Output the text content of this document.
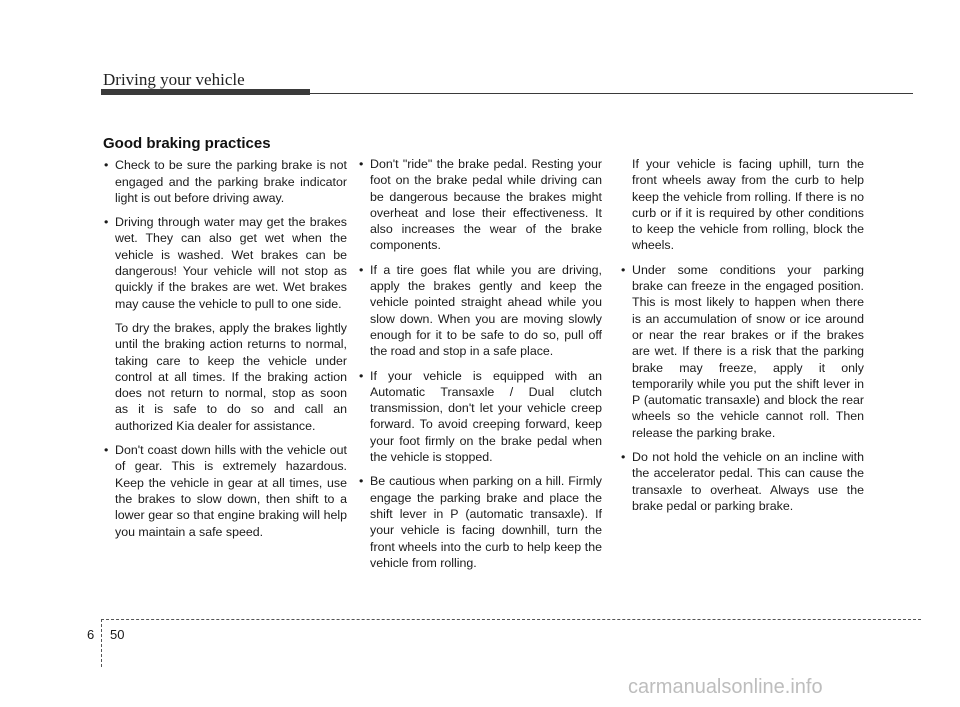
Driving your vehicle
Good braking practices
• Check to be sure the parking brake is not engaged and the parking brake indicator light is out before driving away.
• Driving through water may get the brakes wet. They can also get wet when the vehicle is washed. Wet brakes can be dangerous! Your vehicle will not stop as quickly if the brakes are wet. Wet brakes may cause the vehicle to pull to one side.

To dry the brakes, apply the brakes lightly until the braking action returns to normal, taking care to keep the vehicle under control at all times. If the braking action does not return to normal, stop as soon as it is safe to do so and call an authorized Kia dealer for assistance.

• Don't coast down hills with the vehicle out of gear. This is extremely hazardous. Keep the vehicle in gear at all times, use the brakes to slow down, then shift to a lower gear so that engine braking will help you maintain a safe speed.
• Don't "ride" the brake pedal. Resting your foot on the brake pedal while driving can be dangerous because the brakes might overheat and lose their effectiveness. It also increases the wear of the brake components.
• If a tire goes flat while you are driving, apply the brakes gently and keep the vehicle pointed straight ahead while you slow down. When you are moving slowly enough for it to be safe to do so, pull off the road and stop in a safe place.
• If your vehicle is equipped with an Automatic Transaxle / Dual clutch transmission, don't let your vehicle creep forward. To avoid creeping forward, keep your foot firmly on the brake pedal when the vehicle is stopped.
• Be cautious when parking on a hill. Firmly engage the parking brake and place the shift lever in P (automatic transaxle). If your vehicle is facing downhill, turn the front wheels into the curb to help keep the vehicle from rolling.

If your vehicle is facing uphill, turn the front wheels away from the curb to help keep the vehicle from rolling. If there is no curb or if it is required by other conditions to keep the vehicle from rolling, block the wheels.

• Under some conditions your parking brake can freeze in the engaged position. This is most likely to happen when there is an accumulation of snow or ice around or near the rear brakes or if the brakes are wet. If there is a risk that the parking brake may freeze, apply it only temporarily while you put the shift lever in P (automatic transaxle) and block the rear wheels so the vehicle cannot roll. Then release the parking brake.
• Do not hold the vehicle on an incline with the accelerator pedal. This can cause the transaxle to overheat. Always use the brake pedal or parking brake.
6 50
carmanualsonline.info
